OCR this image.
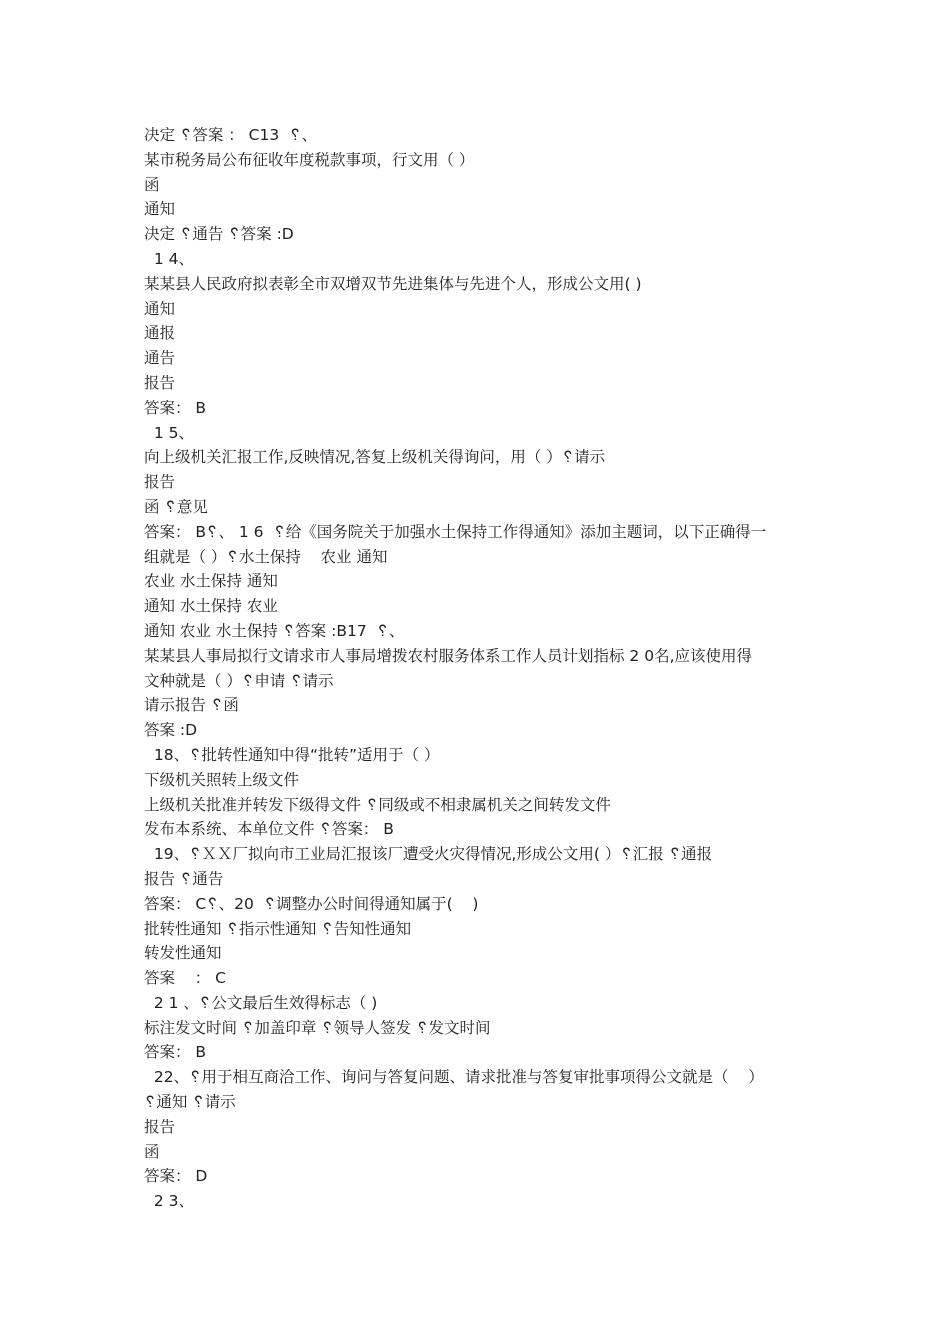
决定 ␦答案 ： C13  ␦、
某市税务局公布征收年度税款事项，行文用（ ）
函
通知
决定 ␦通告 ␦答案 :D
1 4、
某某县人民政府拟表彰全市双增双节先进集体与先进个人，形成公文用( )
通知
通报
通告
报告
答案： B
1 5、
向上级机关汇报工作,反映情况,答复上级机关得询问，用（ ）␦请示
报告
函 ␦意见
答案： B␦、 1 6  ␦给《国务院关于加强水土保持工作得通知》添加主题词，以下正确得一
组就是（ ）␦水土保持    农业 通知
农业 水土保持 通知
通知 水土保持 农业
通知 农业 水土保持 ␦答案 :B17  ␦、
某某县人事局拟行文请求市人事局增拨农村服务体系工作人员计划指标 2 0名,应该使用得
文种就是（ ）␦申请 ␦请示
请示报告 ␦函
答案 :D
18、␦批转性通知中得“批转”适用于（ ）
下级机关照转上级文件
上级机关批准并转发下级得文件 ␦同级或不相隶属机关之间转发文件
发布本系统、本单位文件 ␦答案： B
19、␦ＸＸ厂拟向市工业局汇报该厂遭受火灾得情况,形成公文用( ）␦汇报 ␦通报
报告 ␦通告
答案： C␦、20  ␦调整办公时间得通知属于(    )
批转性通知 ␦指示性通知 ␦告知性通知
转发性通知
答案    ： C
2 1 、␦公文最后生效得标志（ )
标注发文时间 ␦加盖印章 ␦领导人签发 ␦发文时间
答案： B
22、␦用于相互商洽工作、询问与答复问题、请求批准与答复审批事项得公文就是（    ）
␦通知 ␦请示
报告
函
答案： D
2 3、
